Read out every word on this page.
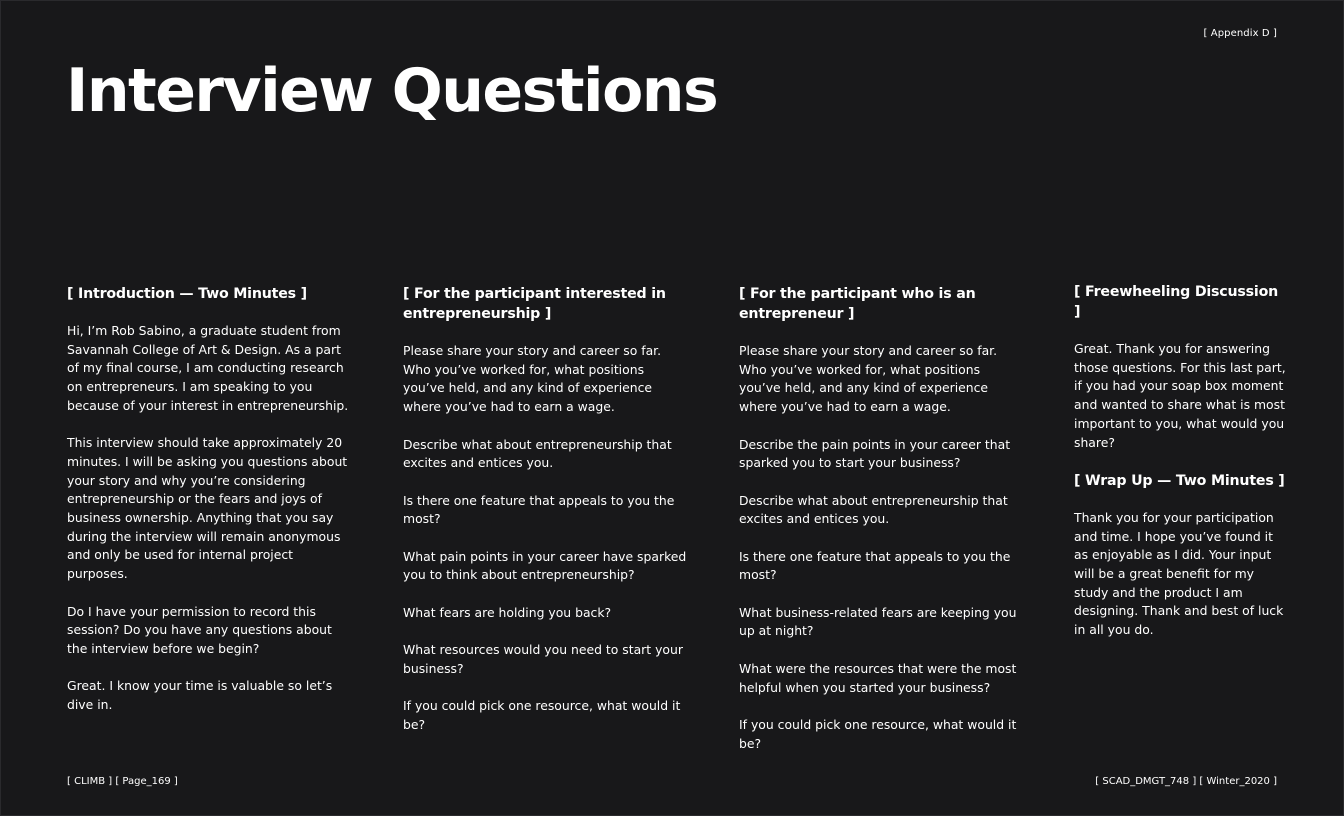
[ Appendix D ]
Interview Questions
[ Introduction — Two Minutes ]

Hi, I’m Rob Sabino, a graduate student from Savannah College of Art & Design. As a part of my final course, I am conducting research on entrepreneurs. I am speaking to you because of your interest in entrepreneurship.

This interview should take approximately 20 minutes. I will be asking you questions about your story and why you’re considering entrepreneurship or the fears and joys of business ownership. Anything that you say during the interview will remain anonymous and only be used for internal project purposes.

Do I have your permission to record this session? Do you have any questions about the interview before we begin?

Great. I know your time is valuable so let’s dive in.

[ For the participant interested in entrepreneurship ]

Please share your story and career so far. Who you’ve worked for, what positions you’ve held, and any kind of experience where you’ve had to earn a wage.

Describe what about entrepreneurship that excites and entices you.

Is there one feature that appeals to you the most?

What pain points in your career have sparked you to think about entrepreneurship?

What fears are holding you back?

What resources would you need to start your business?

If you could pick one resource, what would it be?

[ For the participant who is an entrepreneur ]

Please share your story and career so far. Who you’ve worked for, what positions you’ve held, and any kind of experience where you’ve had to earn a wage.

Describe the pain points in your career that sparked you to start your business?

Describe what about entrepreneurship that excites and entices you.

Is there one feature that appeals to you the most?

What business-related fears are keeping you up at night?

What were the resources that were the most helpful when you started your business?

If you could pick one resource, what would it be?

[ Freewheeling Discussion ]

Great. Thank you for answering those questions. For this last part, if you had your soap box moment and wanted to share what is most important to you, what would you share?

[ Wrap Up — Two Minutes ]

Thank you for your participation and time. I hope you’ve found it as enjoyable as I did. Your input will be a great benefit for my study and the product I am designing. Thank and best of luck in all you do.

[ CLIMB ] [ Page_169 ]	[ SCAD_DMGT_748 ] [ Winter_2020 ]
